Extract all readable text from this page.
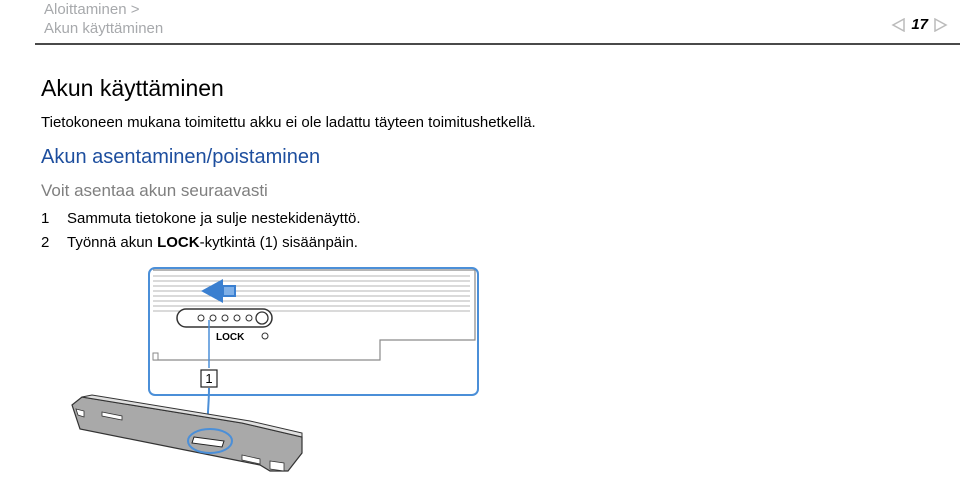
Aloittaminen >
Akun käyttäminen	17
Akun käyttäminen
Tietokoneen mukana toimitettu akku ei ole ladattu täyteen toimitushetkellä.
Akun asentaminen/poistaminen
Voit asentaa akun seuraavasti
1 Sammuta tietokone ja sulje nestekidenäyttö.
2 Työnnä akun LOCK-kytkintä (1) sisäänpäin.
LOCK
1
